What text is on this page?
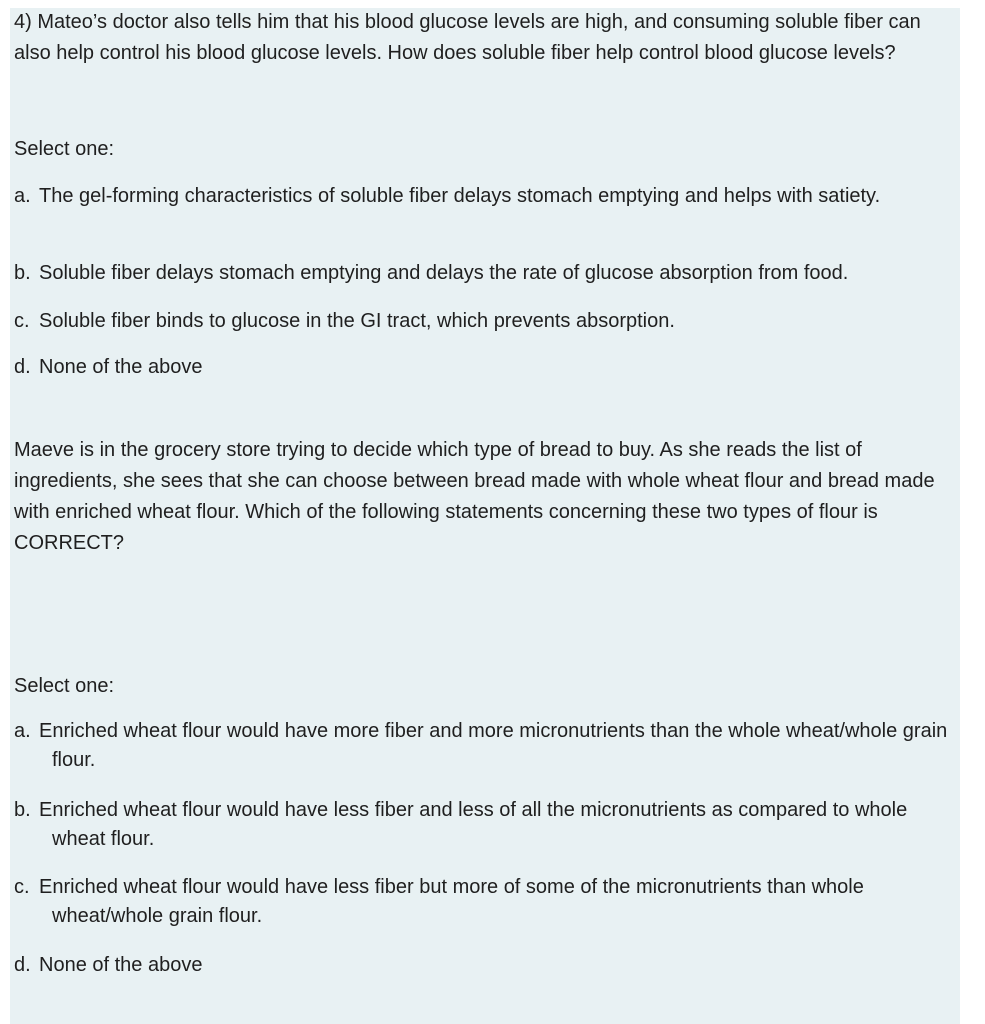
4) Mateo’s doctor also tells him that his blood glucose levels are high, and consuming soluble fiber can also help control his blood glucose levels. How does soluble fiber help control blood glucose levels?
Select one:
a. The gel-forming characteristics of soluble fiber delays stomach emptying and helps with satiety.
b. Soluble fiber delays stomach emptying and delays the rate of glucose absorption from food.
c. Soluble fiber binds to glucose in the GI tract, which prevents absorption.
d. None of the above
Maeve is in the grocery store trying to decide which type of bread to buy. As she reads the list of ingredients, she sees that she can choose between bread made with whole wheat flour and bread made with enriched wheat flour. Which of the following statements concerning these two types of flour is CORRECT?
Select one:
a. Enriched wheat flour would have more fiber and more micronutrients than the whole wheat/whole grain flour.
b. Enriched wheat flour would have less fiber and less of all the micronutrients as compared to whole wheat flour.
c. Enriched wheat flour would have less fiber but more of some of the micronutrients than whole wheat/whole grain flour.
d. None of the above
